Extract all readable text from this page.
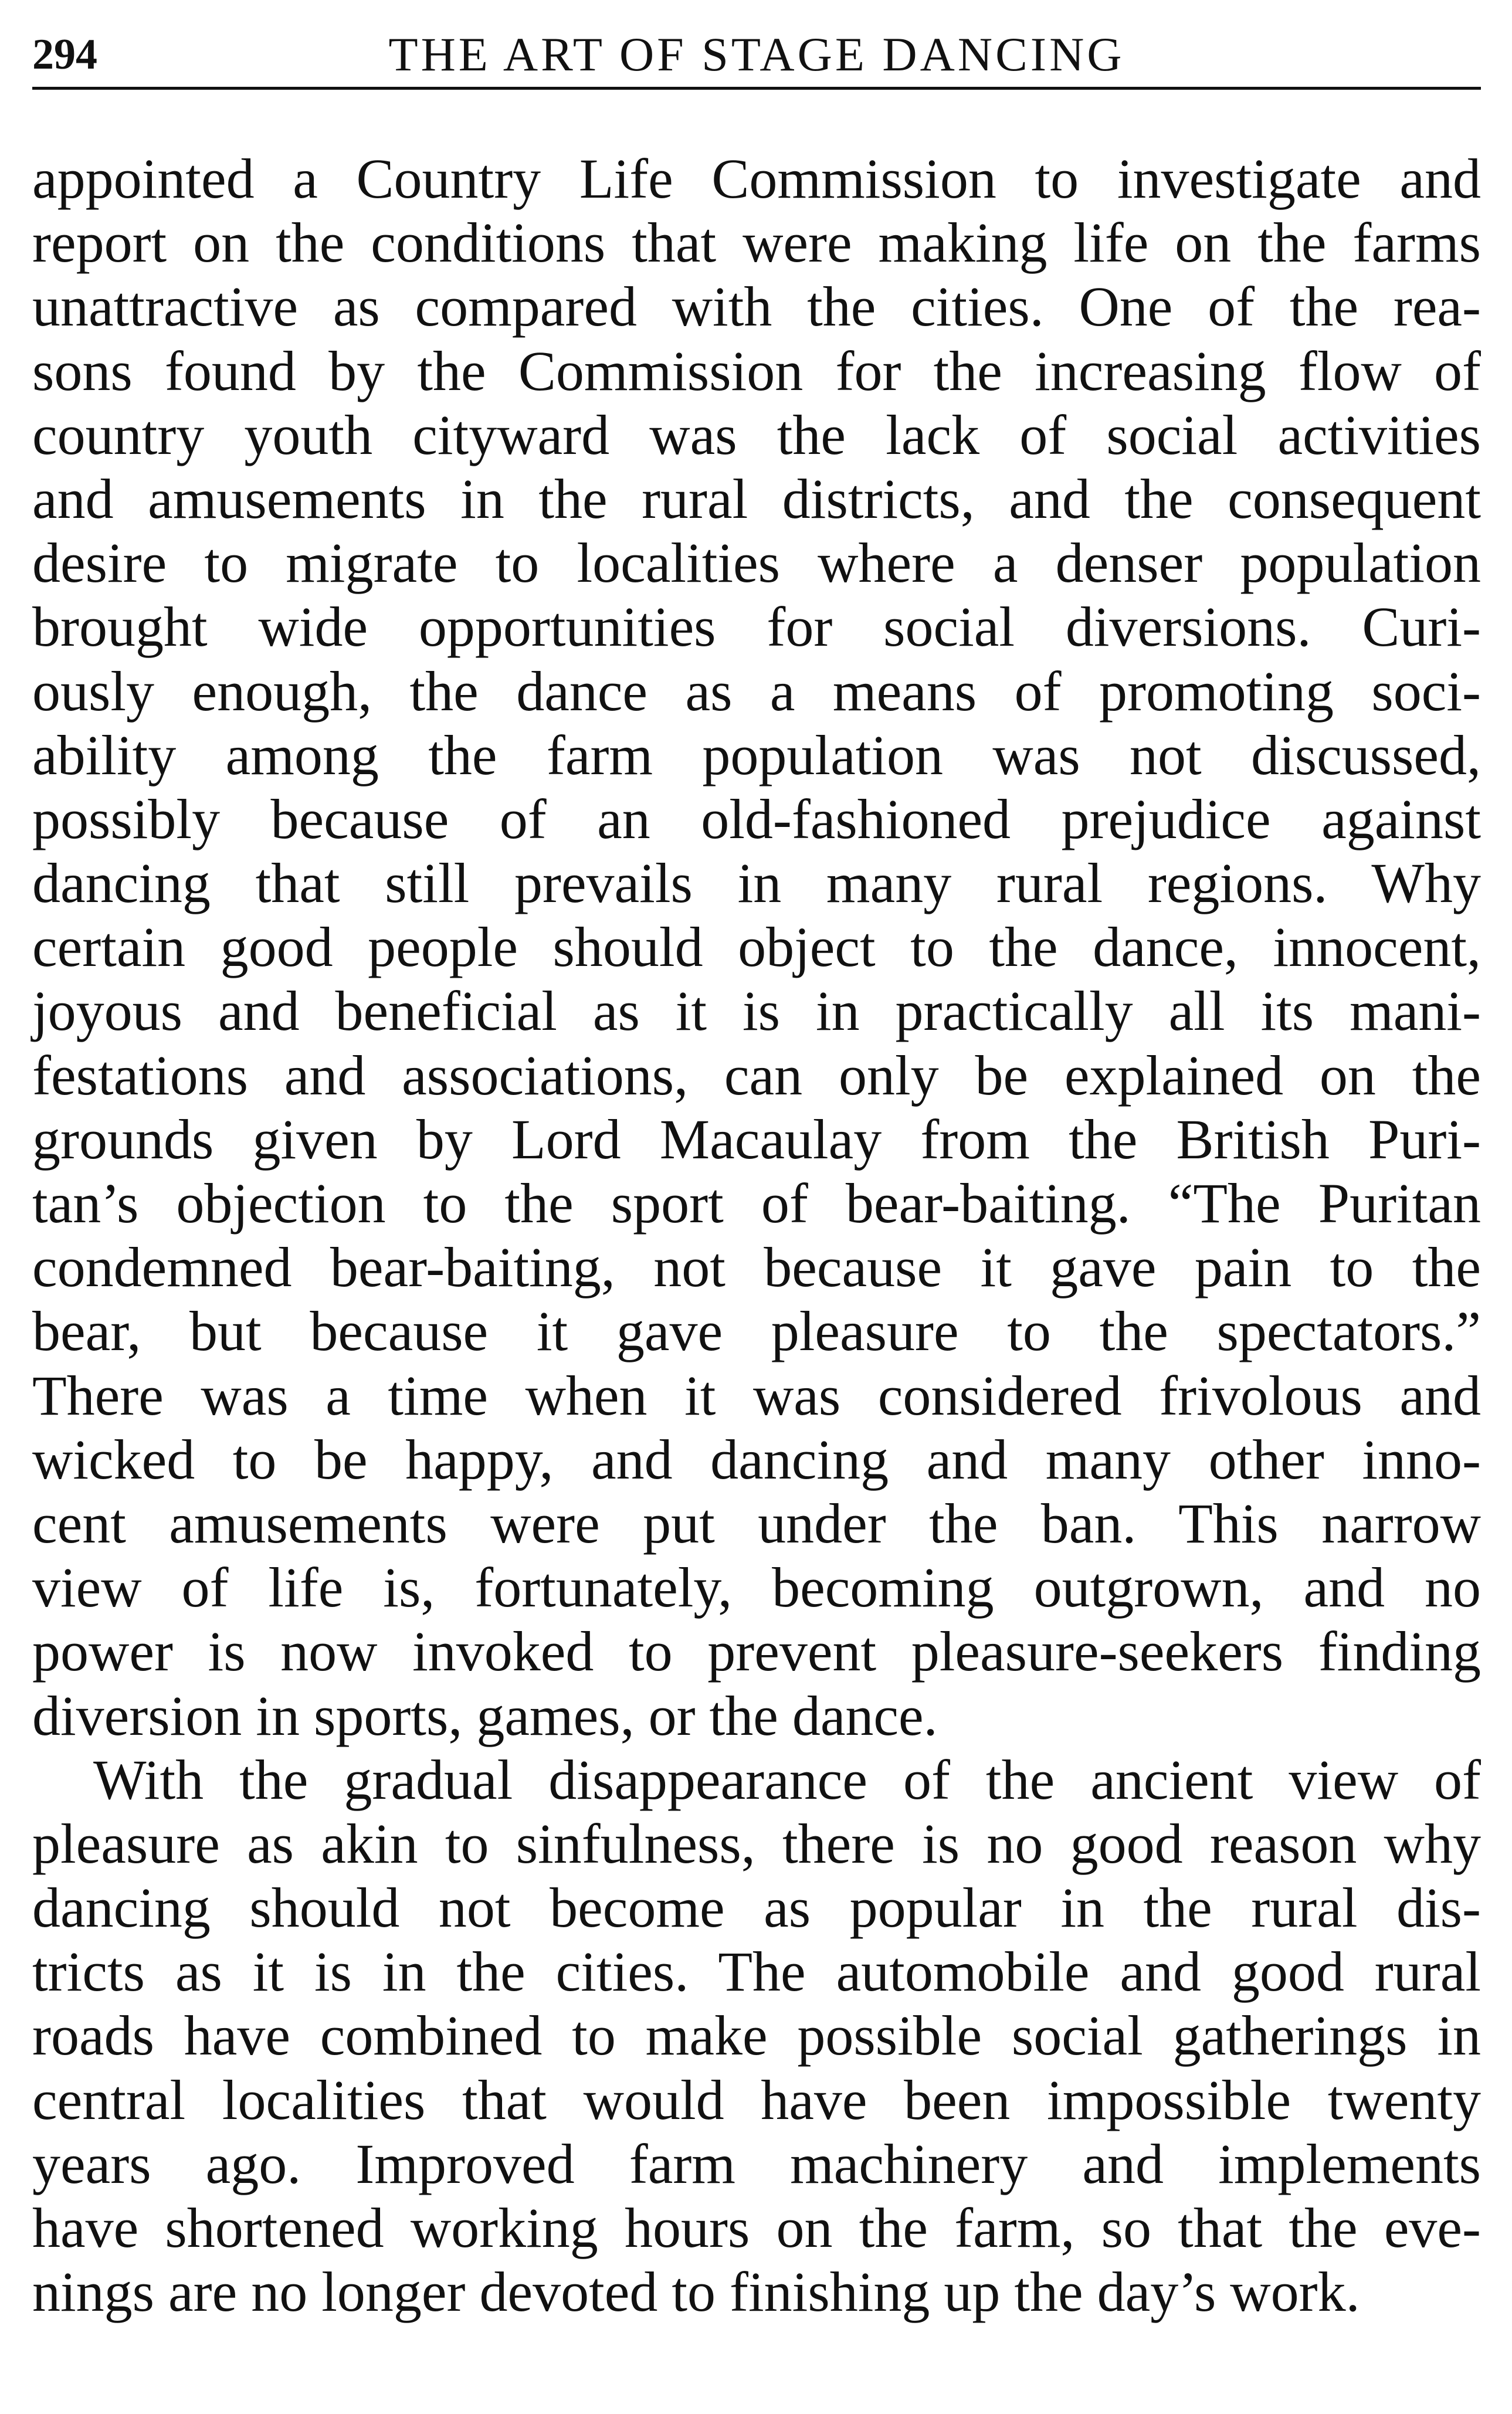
294	THE ART OF STAGE DANCING
appointed a Country Life Commission to investigate and
report on the conditions that were making life on the farms
unattractive as compared with the cities. One of the rea-
sons found by the Commission for the increasing flow of
country youth cityward was the lack of social activities
and amusements in the rural districts, and the consequent
desire to migrate to localities where a denser population
brought wide opportunities for social diversions. Curi-
ously enough, the dance as a means of promoting soci-
ability among the farm population was not discussed,
possibly because of an old-fashioned prejudice against
dancing that still prevails in many rural regions. Why
certain good people should object to the dance, innocent,
joyous and beneficial as it is in practically all its mani-
festations and associations, can only be explained on the
grounds given by Lord Macaulay from the British Puri-
tan’s objection to the sport of bear-baiting. “The Puritan
condemned bear-baiting, not because it gave pain to the
bear, but because it gave pleasure to the spectators.”
There was a time when it was considered frivolous and
wicked to be happy, and dancing and many other inno-
cent amusements were put under the ban. This narrow
view of life is, fortunately, becoming outgrown, and no
power is now invoked to prevent pleasure-seekers finding
diversion in sports, games, or the dance.
With the gradual disappearance of the ancient view of
pleasure as akin to sinfulness, there is no good reason why
dancing should not become as popular in the rural dis-
tricts as it is in the cities. The automobile and good rural
roads have combined to make possible social gatherings in
central localities that would have been impossible twenty
years ago. Improved farm machinery and implements
have shortened working hours on the farm, so that the eve-
nings are no longer devoted to finishing up the day’s work.
